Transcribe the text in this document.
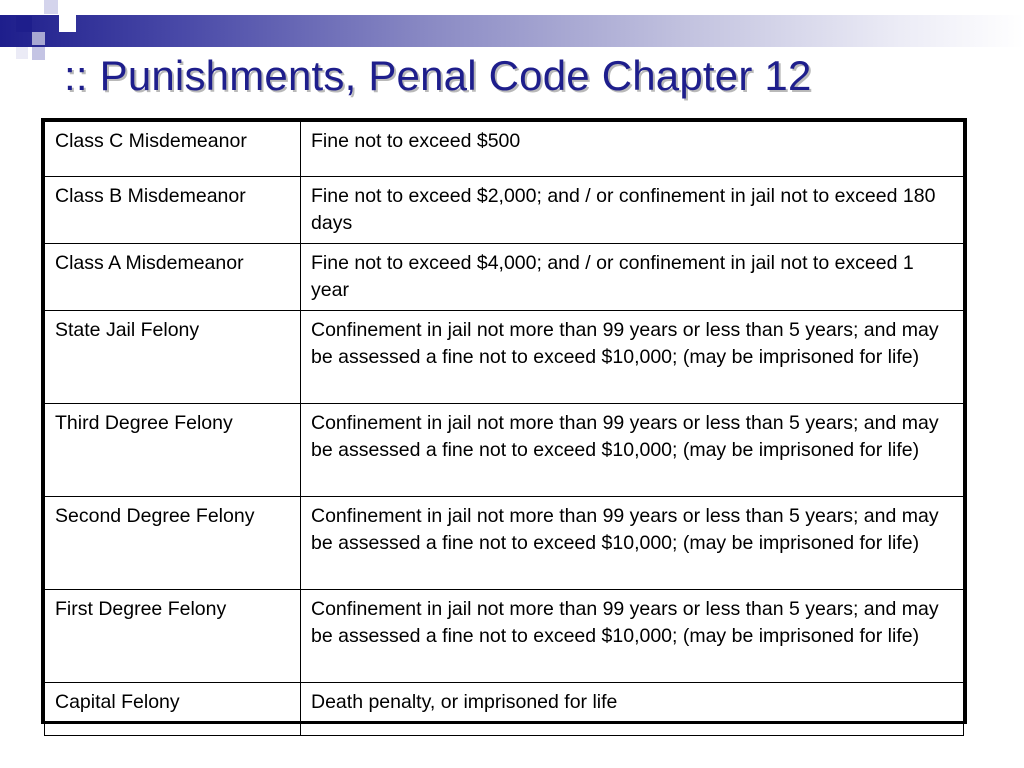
:: Punishments, Penal Code Chapter 12
Class C Misdemeanor	Fine not to exceed $500
Class B Misdemeanor	Fine not to exceed $2,000; and / or confinement in jail not to exceed 180 days
Class A Misdemeanor	Fine not to exceed $4,000; and / or confinement in jail not to exceed 1 year
State Jail Felony	Confinement in jail not more than 99 years or less than 5 years; and may be assessed a fine not to exceed $10,000; (may be imprisoned for life)
Third Degree Felony	Confinement in jail not more than 99 years or less than 5 years; and may be assessed a fine not to exceed $10,000; (may be imprisoned for life)
Second Degree Felony	Confinement in jail not more than 99 years or less than 5 years; and may be assessed a fine not to exceed $10,000; (may be imprisoned for life)
First Degree Felony	Confinement in jail not more than 99 years or less than 5 years; and may be assessed a fine not to exceed $10,000; (may be imprisoned for life)
Capital Felony	Death penalty, or imprisoned for life
